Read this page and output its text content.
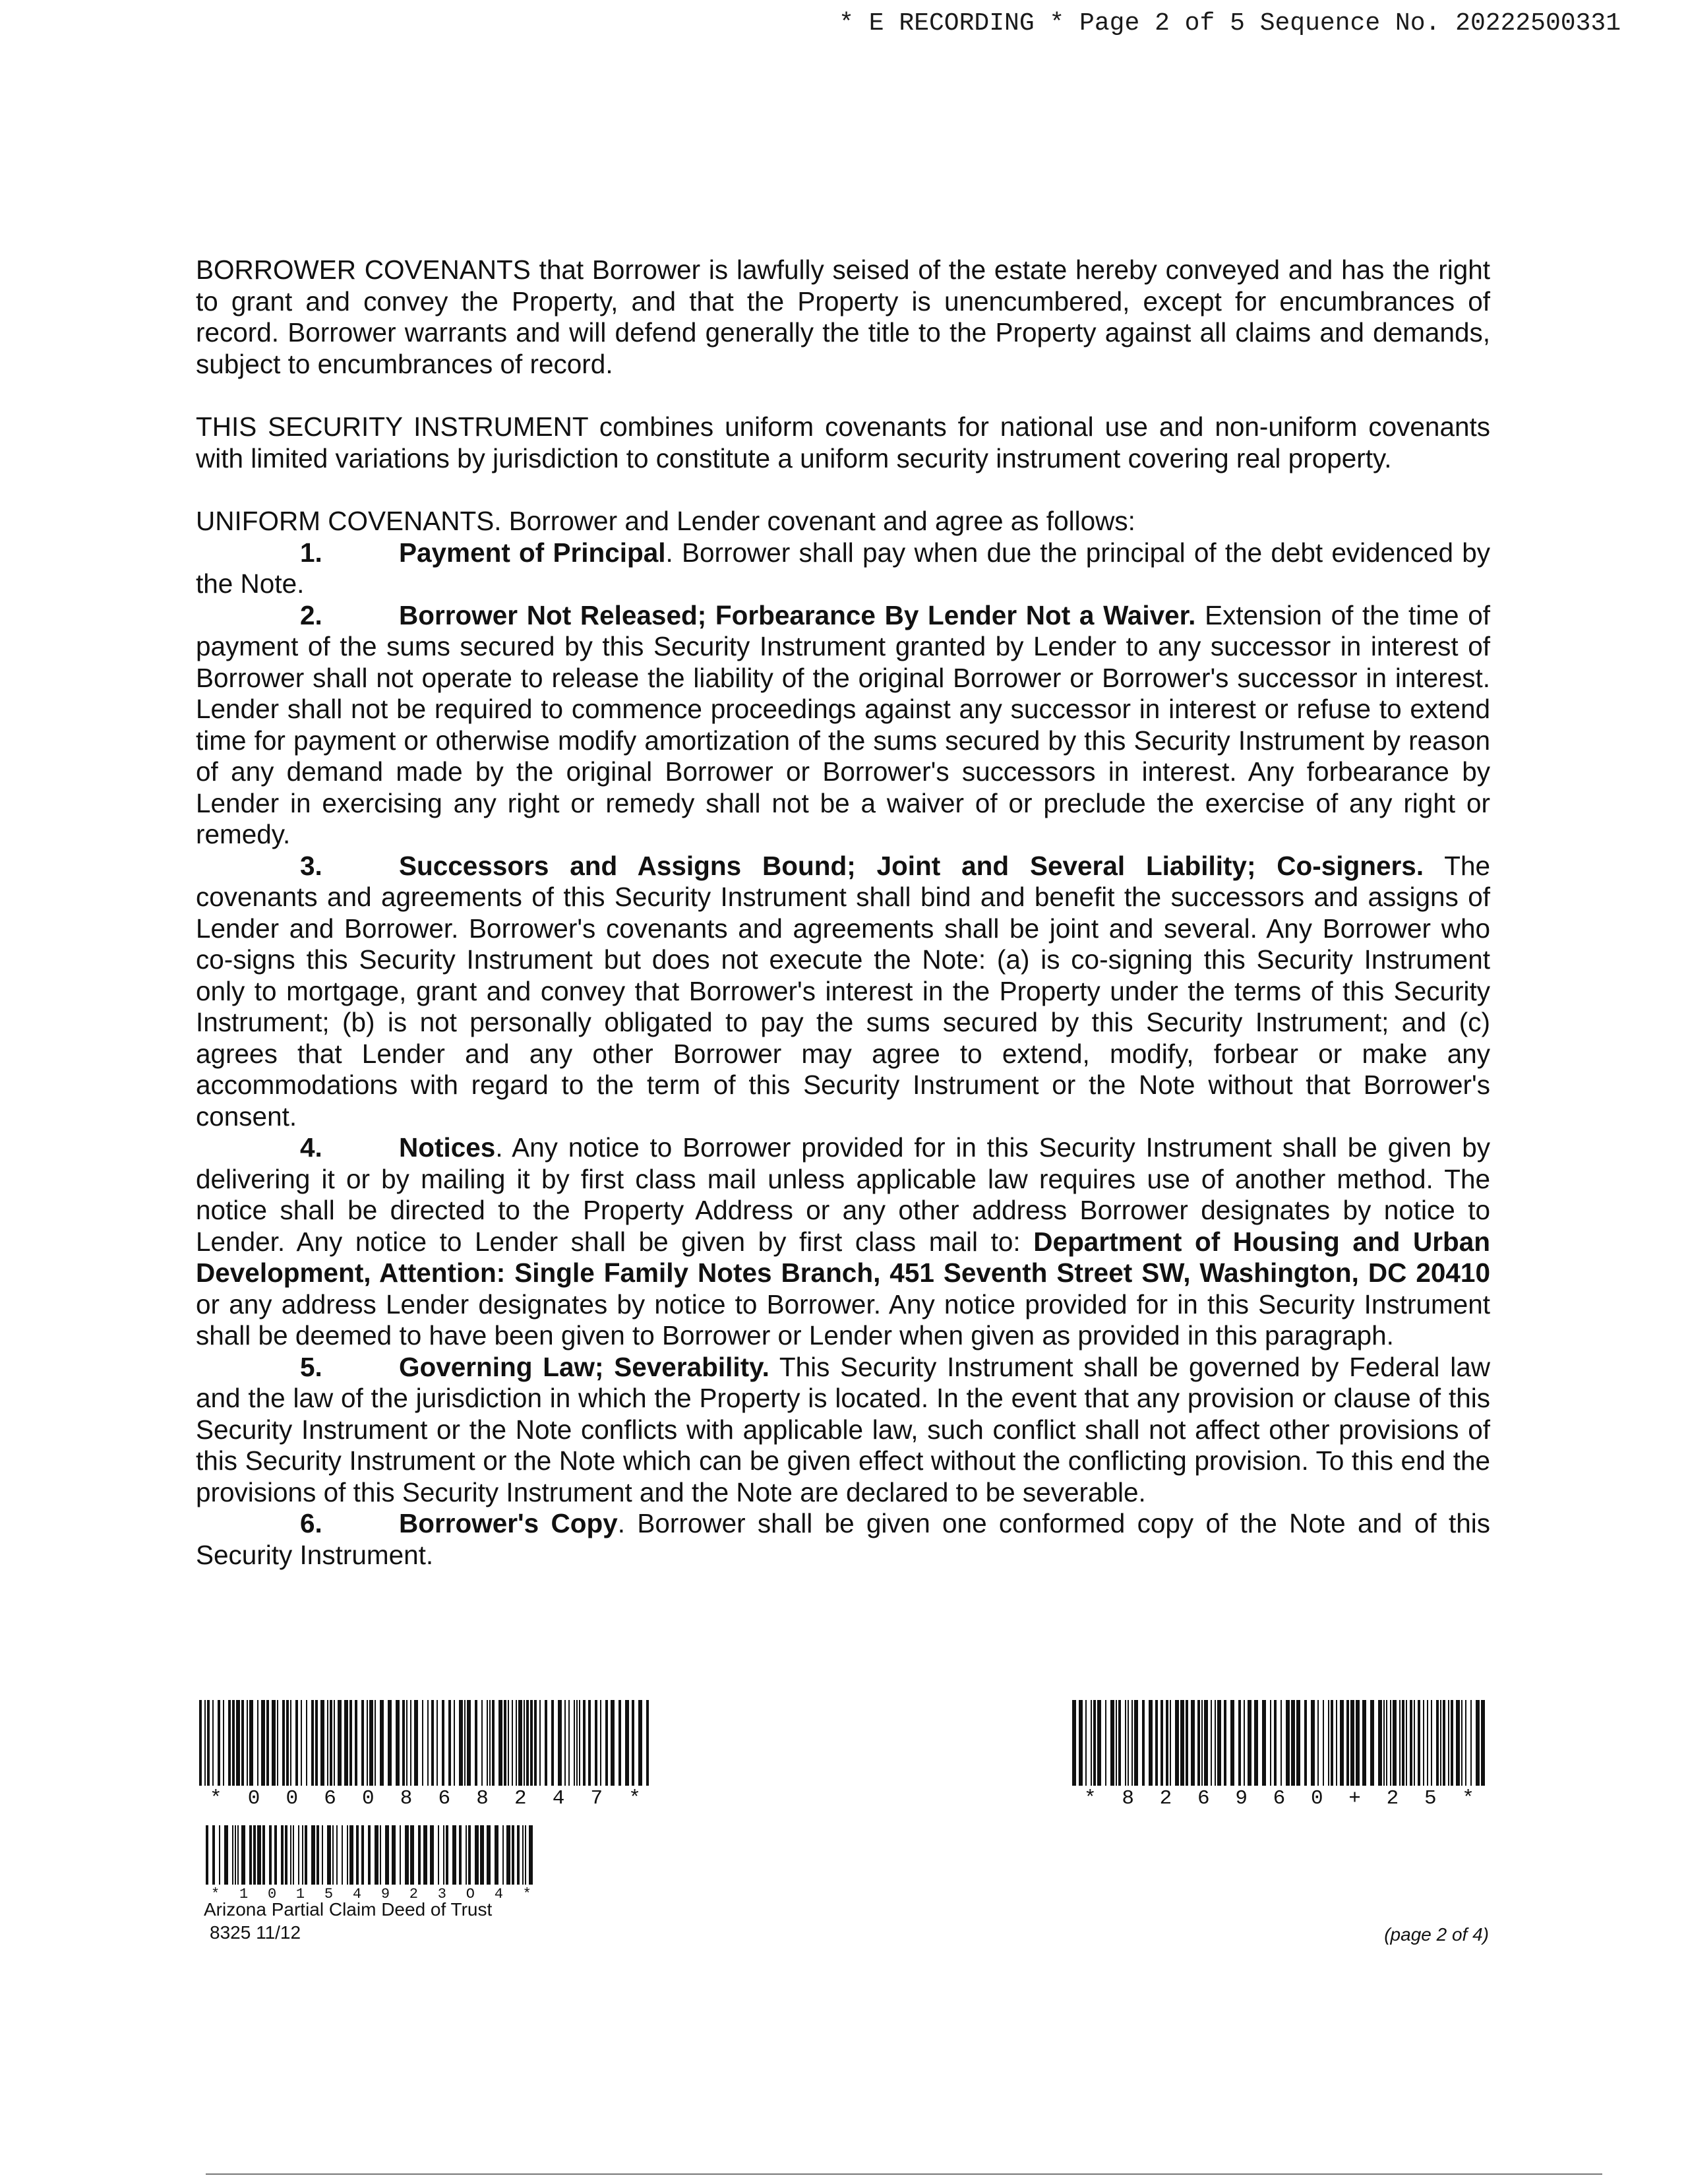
* E RECORDING * Page 2 of 5 Sequence No. 20222500331

BORROWER COVENANTS that Borrower is lawfully seised of the estate hereby conveyed and has the right to grant and convey the Property, and that the Property is unencumbered, except for encumbrances of record. Borrower warrants and will defend generally the title to the Property against all claims and demands, subject to encumbrances of record.

THIS SECURITY INSTRUMENT combines uniform covenants for national use and non-uniform covenants with limited variations by jurisdiction to constitute a uniform security instrument covering real property.

UNIFORM COVENANTS. Borrower and Lender covenant and agree as follows:

1.	Payment of Principal. Borrower shall pay when due the principal of the debt evidenced by the Note.

2.	Borrower Not Released; Forbearance By Lender Not a Waiver. Extension of the time of payment of the sums secured by this Security Instrument granted by Lender to any successor in interest of Borrower shall not operate to release the liability of the original Borrower or Borrower's successor in interest. Lender shall not be required to commence proceedings against any successor in interest or refuse to extend time for payment or otherwise modify amortization of the sums secured by this Security Instrument by reason of any demand made by the original Borrower or Borrower's successors in interest. Any forbearance by Lender in exercising any right or remedy shall not be a waiver of or preclude the exercise of any right or remedy.

3.	Successors and Assigns Bound; Joint and Several Liability; Co-signers. The covenants and agreements of this Security Instrument shall bind and benefit the successors and assigns of Lender and Borrower. Borrower's covenants and agreements shall be joint and several. Any Borrower who co-signs this Security Instrument but does not execute the Note: (a) is co-signing this Security Instrument only to mortgage, grant and convey that Borrower's interest in the Property under the terms of this Security Instrument; (b) is not personally obligated to pay the sums secured by this Security Instrument; and (c) agrees that Lender and any other Borrower may agree to extend, modify, forbear or make any accommodations with regard to the term of this Security Instrument or the Note without that Borrower's consent.

4.	Notices. Any notice to Borrower provided for in this Security Instrument shall be given by delivering it or by mailing it by first class mail unless applicable law requires use of another method. The notice shall be directed to the Property Address or any other address Borrower designates by notice to Lender. Any notice to Lender shall be given by first class mail to: Department of Housing and Urban Development, Attention: Single Family Notes Branch, 451 Seventh Street SW, Washington, DC 20410 or any address Lender designates by notice to Borrower. Any notice provided for in this Security Instrument shall be deemed to have been given to Borrower or Lender when given as provided in this paragraph.

5.	Governing Law; Severability. This Security Instrument shall be governed by Federal law and the law of the jurisdiction in which the Property is located. In the event that any provision or clause of this Security Instrument or the Note conflicts with applicable law, such conflict shall not affect other provisions of this Security Instrument or the Note which can be given effect without the conflicting provision. To this end the provisions of this Security Instrument and the Note are declared to be severable.

6.	Borrower's Copy. Borrower shall be given one conformed copy of the Note and of this Security Instrument.

* 0 0 6 0 8 6 8 2 4 7 *	* 8 2 6 9 6 0 + 2 5 *
* 1 0 1 5 4 9 2 3 O 4 *
Arizona Partial Claim Deed of Trust
8325 11/12	(page 2 of 4)
